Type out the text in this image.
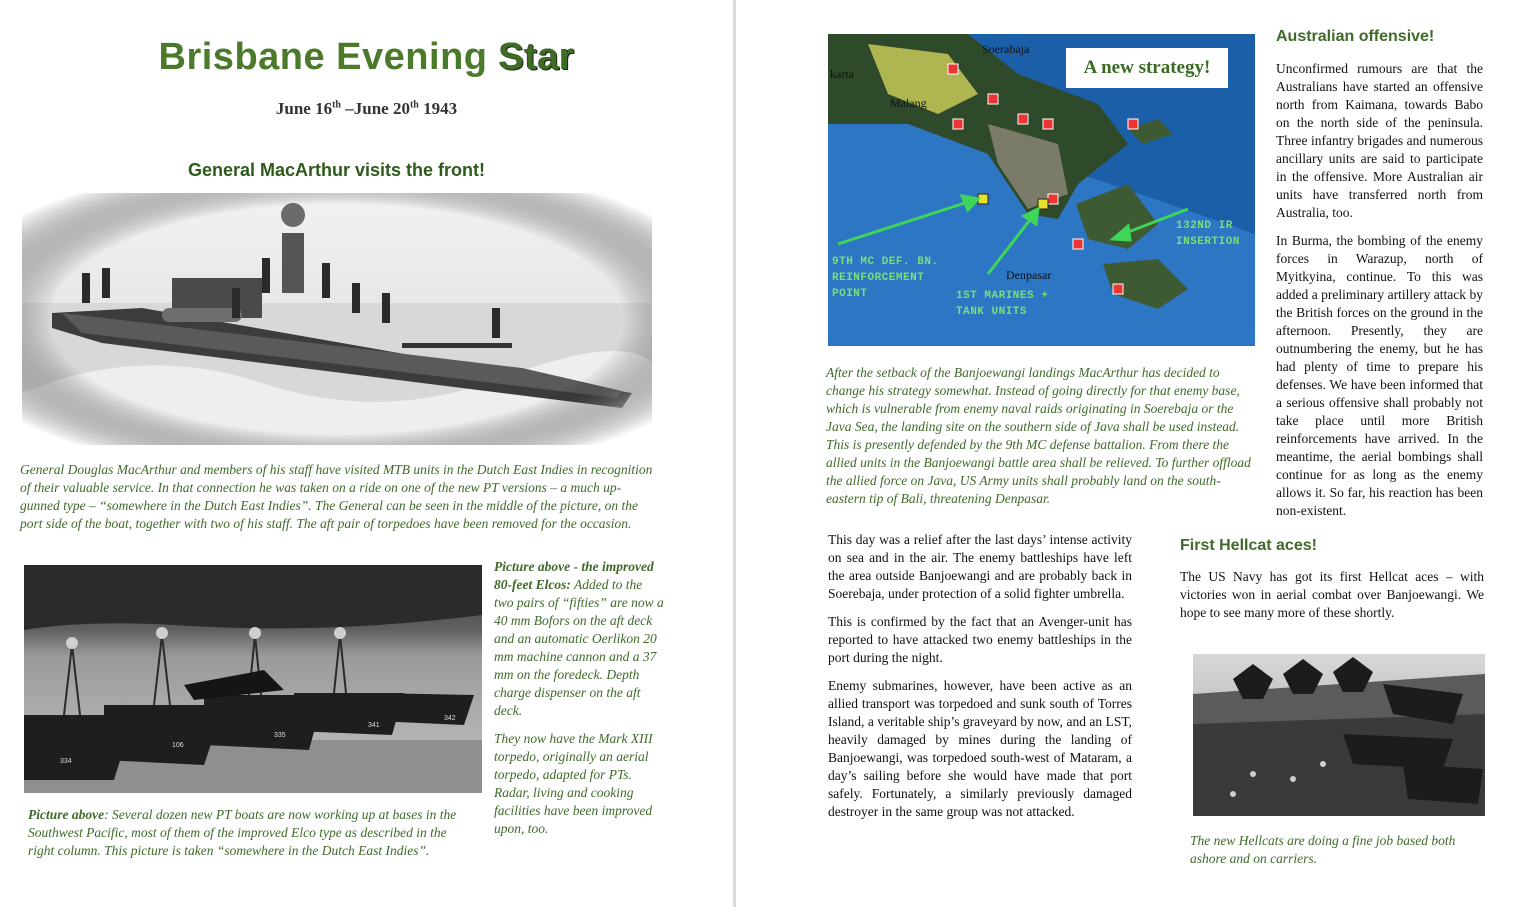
Brisbane Evening Star
June 16th –June 20th 1943
General MacArthur visits the front!
General Douglas MacArthur and members of his staff have visited MTB units in the Dutch East Indies in recognition of their valuable service. In that connection he was taken on a ride on one of the new PT versions – a much up-gunned type – “somewhere in the Dutch East Indies”. The General can be seen in the middle of the picture, on the port side of the boat, together with two of his staff. The aft pair of torpedoes have been removed for the occasion.
334
106
335
341
342
Picture above: Several dozen new PT boats are now working up at bases in the Southwest Pacific, most of them of the improved Elco type as described in the right column. This picture is taken “somewhere in the Dutch East Indies”.

Picture above - the improved 80-feet Elcos: Added to the two pairs of “fifties” are now a 40 mm Bofors on the aft deck and an automatic Oerlikon 20 mm machine cannon and a 37 mm on the foredeck. Depth charge dispenser on the aft deck.

They now have the Mark XIII torpedo, originally an aerial torpedo, adapted for PTs. Radar, living and cooking facilities have been improved upon, too.

A new strategy!
Soerabaja
Malang
karta
Denpasar
9TH MC DEF. BN.
REINFORCEMENT
POINT	1ST MARINES +
TANK UNITS
132ND IR
INSERTION
After the setback of the Banjoewangi landings MacArthur has decided to change his strategy somewhat. Instead of going directly for that enemy base, which is vulnerable from enemy naval raids originating in Soerebaja or the Java Sea, the landing site on the southern side of Java shall be used instead. This is presently defended by the 9th MC defense battalion. From there the allied units in the Banjoewangi battle area shall be relieved. To further offload the allied force on Java, US Army units shall probably land on the south-eastern tip of Bali, threatening Denpasar.

This day was a relief after the last days’ intense activity on sea and in the air. The enemy battleships have left the area outside Banjoewangi and are probably back in Soerebaja, under protection of a solid fighter umbrella.

This is confirmed by the fact that an Avenger-unit has reported to have attacked two enemy battleships in the port during the night.

Enemy submarines, however, have been active as an allied transport was torpedoed and sunk south of Torres Island, a veritable ship’s graveyard by now, and an LST, heavily damaged by mines during the landing of Banjoewangi, was torpedoed south-west of Mataram, a day’s sailing before she would have made that port safely. Fortunately, a similarly previously damaged destroyer in the same group was not attacked.

Australian offensive!

Unconfirmed rumours are that the Australians have started an offensive north from Kaimana, towards Babo on the north side of the peninsula. Three infantry brigades and numerous ancillary units are said to participate in the offensive. More Australian air units have transferred north from Australia, too.

In Burma, the bombing of the enemy forces in Warazup, north of Myitkyina, continue. To this was added a preliminary artillery attack by the British forces on the ground in the afternoon. Presently, they are outnumbering the enemy, but he has had plenty of time to prepare his defenses. We have been informed that a serious offensive shall probably not take place until more British reinforcements have arrived. In the meantime, the aerial bombings shall continue for as long as the enemy allows it. So far, his reaction has been non-existent.

First Hellcat aces!

The US Navy has got its first Hellcat aces – with victories won in aerial combat over Banjoewangi. We hope to see many more of these shortly.

The new Hellcats are doing a fine job based both ashore and on carriers.
